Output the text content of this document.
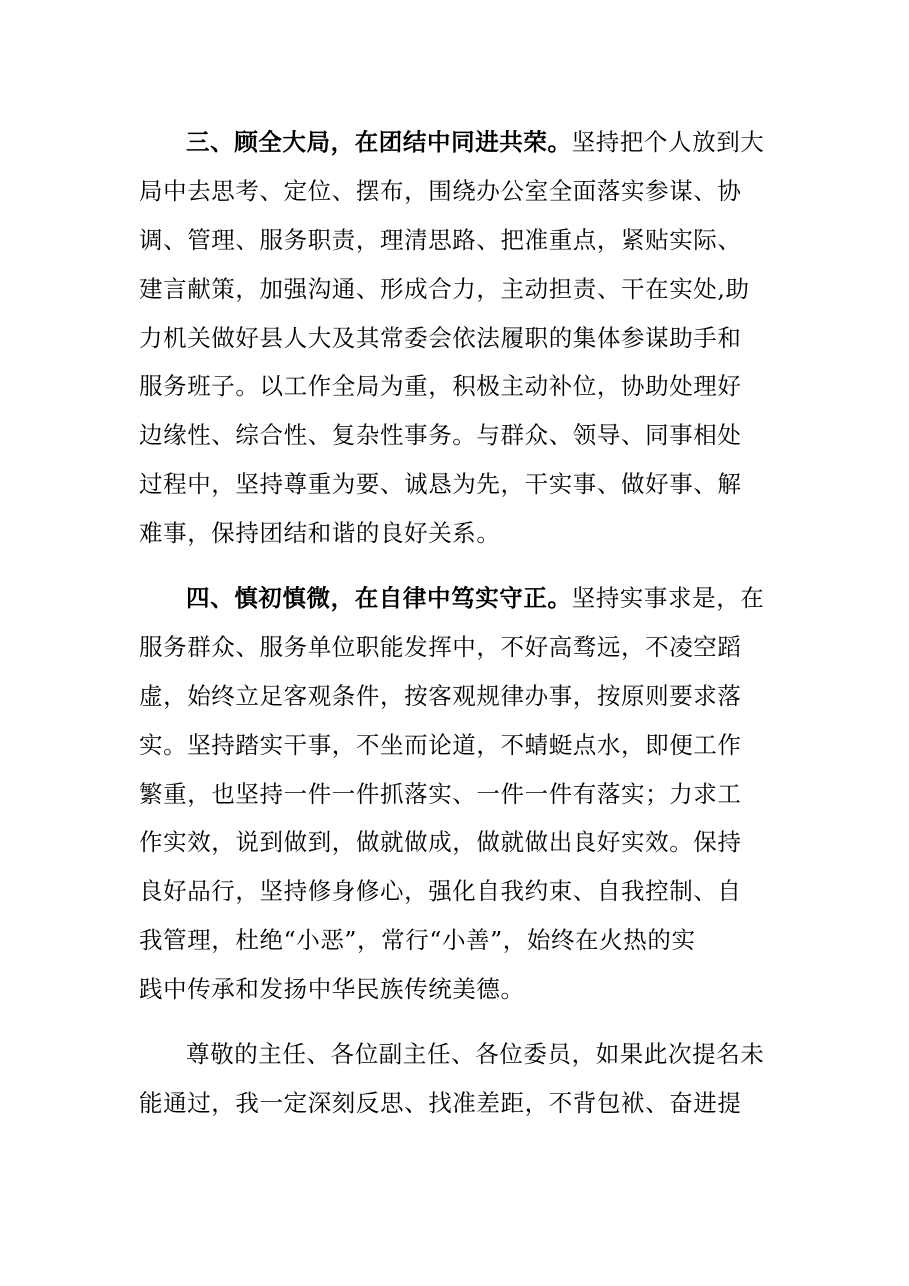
三、顾全大局，在团结中同进共荣。坚持把个人放到大
局中去思考、定位、摆布，围绕办公室全面落实参谋、协
调、管理、服务职责，理清思路、把准重点，紧贴实际、
建言献策，加强沟通、形成合力，主动担责、干在实处,助
力机关做好县人大及其常委会依法履职的集体参谋助手和
服务班子。以工作全局为重，积极主动补位，协助处理好
边缘性、综合性、复杂性事务。与群众、领导、同事相处
过程中，坚持尊重为要、诚恳为先，干实事、做好事、解
难事，保持团结和谐的良好关系。

四、慎初慎微，在自律中笃实守正。坚持实事求是，在
服务群众、服务单位职能发挥中，不好高骛远，不凌空蹈
虚，始终立足客观条件，按客观规律办事，按原则要求落
实。坚持踏实干事，不坐而论道，不蜻蜓点水，即便工作
繁重，也坚持一件一件抓落实、一件一件有落实；力求工
作实效，说到做到，做就做成，做就做出良好实效。保持
良好品行，坚持修身修心，强化自我约束、自我控制、自
我管理，杜绝“小恶”，常行“小善”，始终在火热的实
践中传承和发扬中华民族传统美德。

尊敬的主任、各位副主任、各位委员，如果此次提名未
能通过，我一定深刻反思、找准差距，不背包袱、奋进提
